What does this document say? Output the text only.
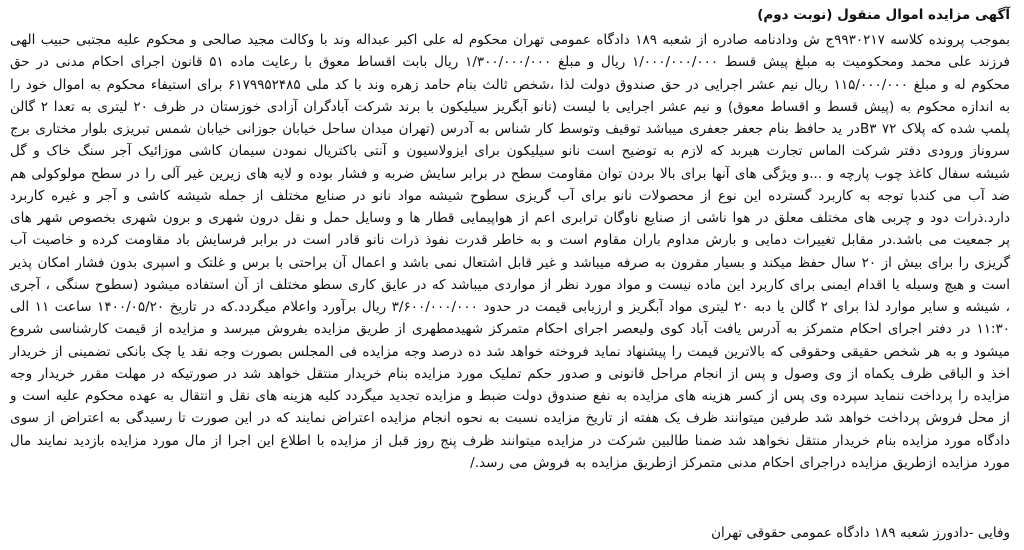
آگهی مزایده اموال منقول (نوبت دوم)

بموجب پرونده کلاسه ۹۹۳۰۲۱۷ج ش ودادنامه صادره از شعبه ۱۸۹ دادگاه عمومی تهران محکوم له علی اکبر عبداله وند با وکالت مجید صالحی و محکوم علیه مجتبی حبیب الهی فرزند علی محمد ومحکومیت به مبلغ پیش قسط ۱/۰۰۰/۰۰۰/۰۰۰ ریال و مبلغ ۱/۳۰۰/۰۰۰/۰۰۰ ریال بابت اقساط معوق با رعایت ماده ۵۱ قانون اجرای احکام مدنی در حق محکوم له و مبلغ ۱۱۵/۰۰۰/۰۰۰ ریال نیم عشر اجرایی در حق صندوق دولت لذا ،شخص ثالث بنام حامد زهره وند با کد ملی ۶۱۷۹۹۵۲۴۸۵ برای استیفاء محکوم به اموال خود را به اندازه محکوم به (پیش قسط و اقساط معوق) و نیم عشر اجرایی با لیست (نانو آبگریز سیلیکون با برند شرکت آبادگران آزادی خوزستان در ظرف ۲۰ لیتری به تعدا ۲ گالن پلمپ شده که پلاک ۷۲ B۳در ید حافظ بنام جعفر جعفری میباشد توقیف وتوسط کار شناس به آدرس (تهران میدان ساحل خیابان جوزانی خیابان شمس تبریزی بلوار مختاری برج سروناز ورودی دفتر شرکت الماس تجارت هیربد که لازم به توضیح است نانو سیلیکون برای ایزولاسیون و آنتی باکتریال نمودن سیمان کاشی موزائیک آجر سنگ خاک و گل شیشه سفال کاغذ چوب پارچه و ...و ویژگی های آنها برای بالا بردن توان مقاومت سطح در برابر سایش ضربه و فشار بوده و لایه های زیرین غیر آلی را در سطح مولوکولی هم ضد آب می کندبا توجه به کاربرد گسترده این نوع از محصولات نانو برای آب گریزی سطوح شیشه مواد نانو در صنایع مختلف از جمله شیشه کاشی و آجر و غیره کاربرد دارد.ذرات دود و چربی های مختلف معلق در هوا ناشی از صنایع ناوگان ترابری اعم از هواپیمایی قطار ها و وسایل حمل و نقل درون شهری و برون شهری بخصوص شهر های پر جمعیت می باشد.در مقابل تغییرات دمایی و بارش مداوم باران مقاوم است و به خاطر قدرت نفوذ ذرات نانو قادر است در برابر فرسایش باد مقاومت کرده و خاصیت آب گریزی را برای بیش از ۲۰ سال حفظ میکند و بسیار مقرون به صرفه میباشد و غیر قابل اشتعال نمی باشد و اعمال آن براحتی با برس و غلتک و اسپری بدون فشار امکان پذیر است و هیچ وسیله یا اقدام ایمنی برای کاربرد این ماده نیست و مواد مورد نظر از مواردی میباشد که در عایق کاری سطو مختلف از آن استفاده میشود (سطوح سنگی ، آجری ، شیشه و سایر موارد لذا برای ۲ گالن یا دبه ۲۰ لیتری مواد آبگریز و ارزیابی قیمت در حدود ۳/۶۰۰/۰۰۰/۰۰۰ ریال برآورد واعلام میگردد.که در تاریخ ۱۴۰۰/۰۵/۲۰ ساعت ۱۱ الی ۱۱:۳۰ در دفتر اجرای احکام متمرکز به آدرس یافت آباد کوی ولیعصر اجرای احکام متمرکز شهیدمطهری از طریق مزایده بفروش میرسد و مزایده از قیمت کارشناسی شروع میشود و به هر شخص حقیقی وحقوقی که بالاترین قیمت را پیشنهاد نماید فروخته خواهد شد ده درصد وجه مزایده فی المجلس بصورت وجه نقد یا چک بانکی تضمینی از خریدار اخذ و الباقی ظرف یکماه از وی وصول و پس از انجام مراحل قانونی و صدور حکم تملیک مورد مزایده بنام خریدار منتقل خواهد شد در صورتیکه در مهلت مقرر خریدار وجه مزایده را پرداخت ننماید سپرده وی پس از کسر هزینه های مزایده به نفع صندوق دولت ضبط و مزایده تجدید میگردد کلیه هزینه های نقل و انتقال به عهده محکوم علیه است و از محل فروش پرداخت خواهد شد طرفین میتوانند ظرف یک هفته از تاریخ مزایده نسبت به نحوه انجام مزایده اعتراض نمایند که در این صورت تا رسیدگی به اعتراض از سوی دادگاه مورد مزایده بنام خریدار منتقل نخواهد شد ضمنا طالبین شرکت در مزایده میتوانند ظرف پنج روز قبل از مزایده با اطلاع این اجرا از مال مورد مزایده بازدید نمایند مال مورد مزایده ازطریق مزایده دراجرای احکام مدنی متمرکز ازطریق مزایده به فروش می رسد./

وفایی -دادورز شعبه ۱۸۹ دادگاه عمومی حقوقی تهران
